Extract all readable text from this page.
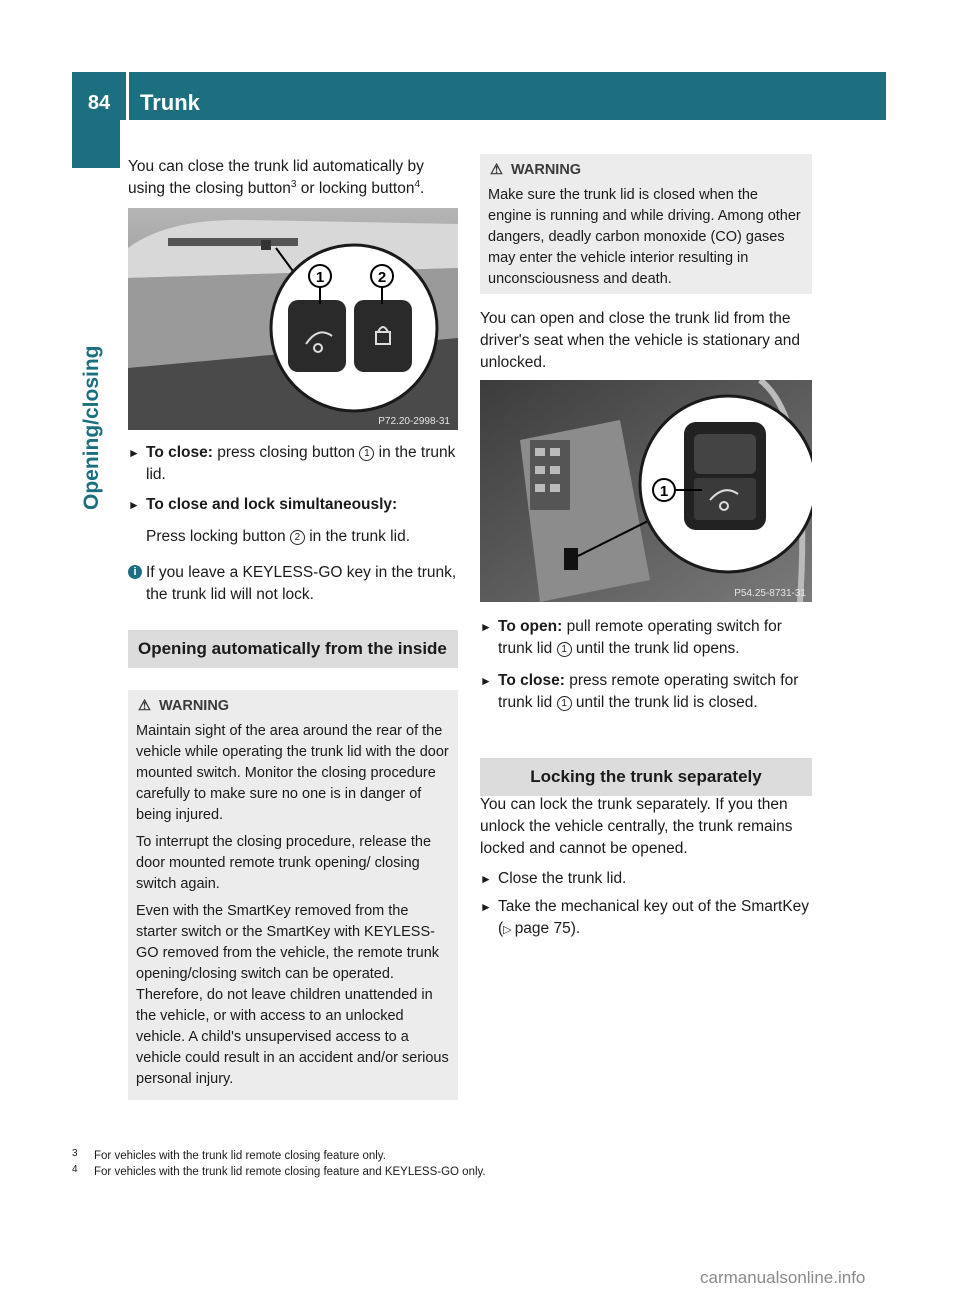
84	Trunk
Opening/closing
You can close the trunk lid automatically by using the closing button$^3$ or locking button$^4$.
1	2
P72.20-2998-31
► To close: press closing button 1 in the trunk lid.
► To close and lock simultaneously:
Press locking button 2 in the trunk lid.
i If you leave a KEYLESS-GO key in the trunk, the trunk lid will not lock.
Opening automatically from the inside
⚠ WARNING
Maintain sight of the area around the rear of the vehicle while operating the trunk lid with the door mounted switch. Monitor the closing procedure carefully to make sure no one is in danger of being injured.
To interrupt the closing procedure, release the door mounted remote trunk opening/ closing switch again.
Even with the SmartKey removed from the starter switch or the SmartKey with KEYLESS-GO removed from the vehicle, the remote trunk opening/closing switch can be operated. Therefore, do not leave children unattended in the vehicle, or with access to an unlocked vehicle. A child's unsupervised access to a vehicle could result in an accident and/or serious personal injury.
⚠ WARNING
Make sure the trunk lid is closed when the engine is running and while driving. Among other dangers, deadly carbon monoxide (CO) gases may enter the vehicle interior resulting in unconsciousness and death.
You can open and close the trunk lid from the driver's seat when the vehicle is stationary and unlocked.
1
P54.25-8731-31
► To open: pull remote operating switch for trunk lid 1 until the trunk lid opens.
► To close: press remote operating switch for trunk lid 1 until the trunk lid is closed.
Locking the trunk separately
You can lock the trunk separately. If you then unlock the vehicle centrally, the trunk remains locked and cannot be opened.
► Close the trunk lid.
► Take the mechanical key out of the SmartKey (▷ page 75).
3 For vehicles with the trunk lid remote closing feature only.
4 For vehicles with the trunk lid remote closing feature and KEYLESS-GO only.
carmanualsonline.info
